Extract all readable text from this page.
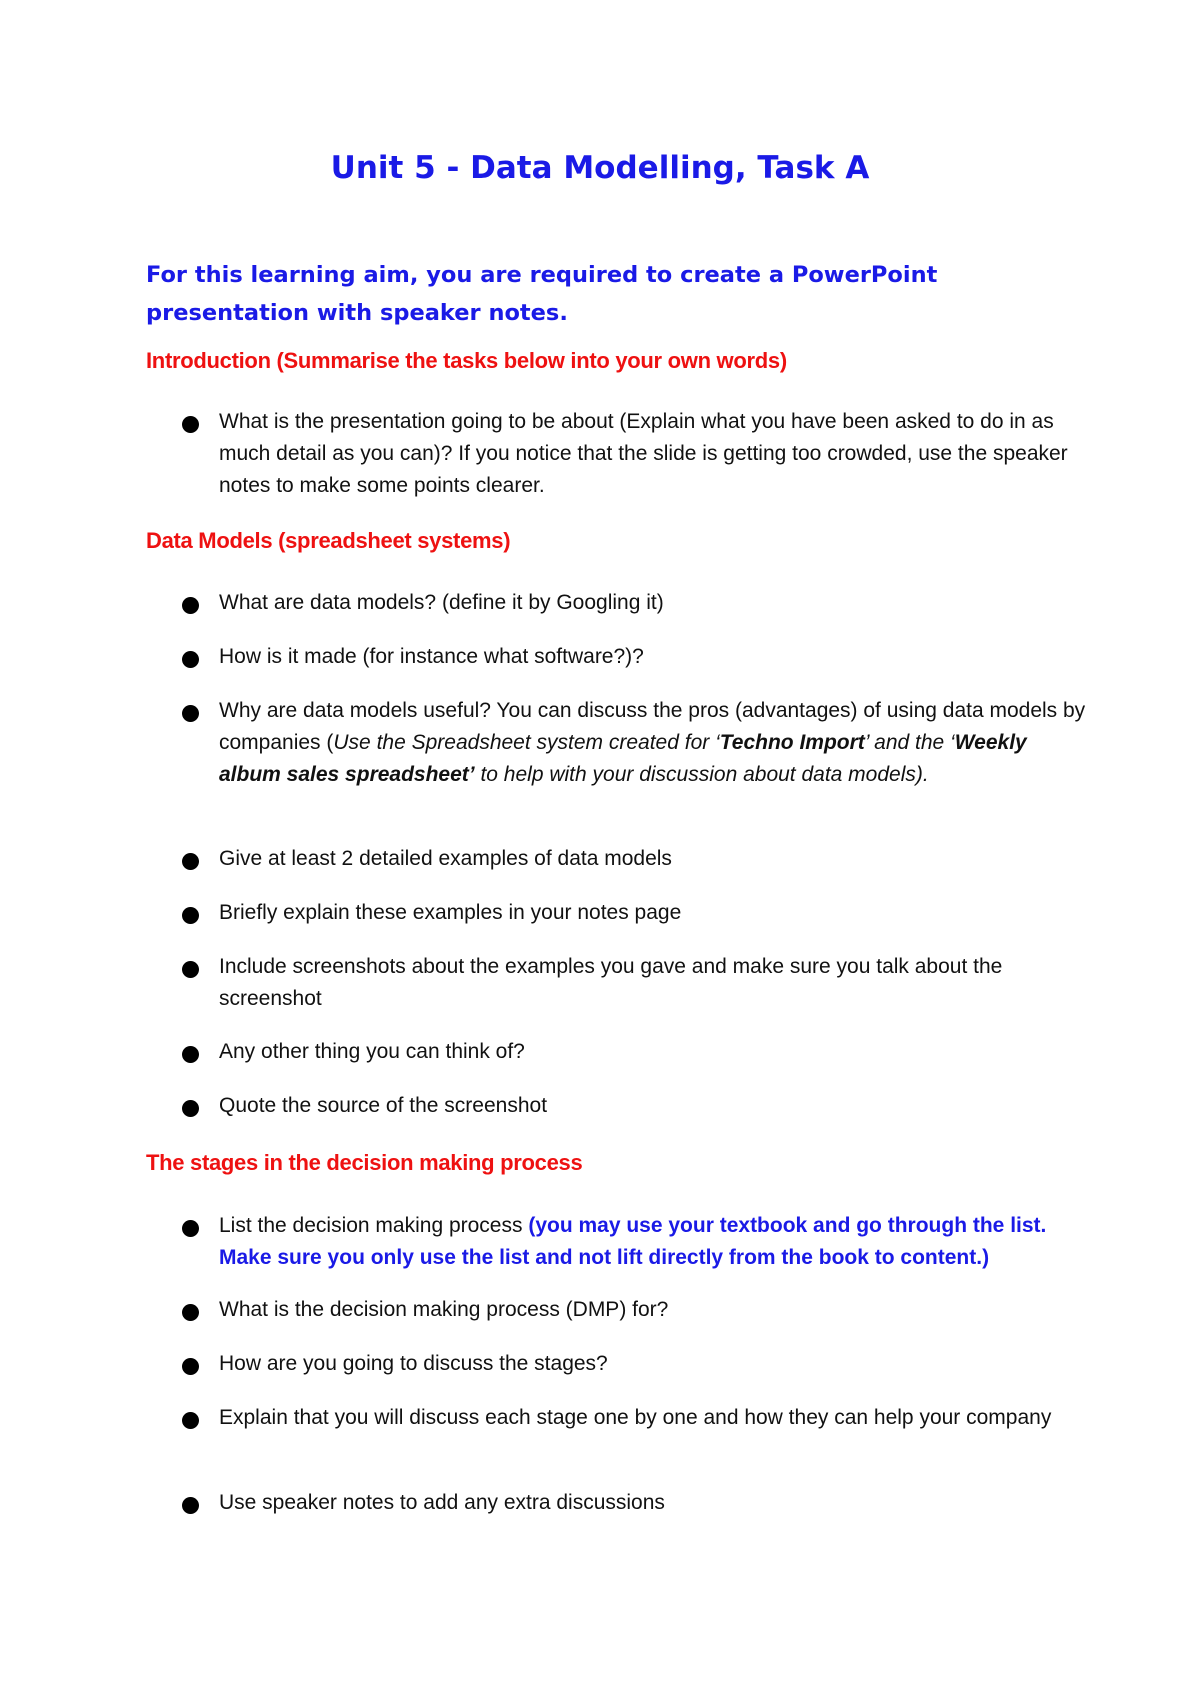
Unit 5 - Data Modelling, Task A
For this learning aim, you are required to create a PowerPoint presentation with speaker notes.
Introduction (Summarise the tasks below into your own words)
What is the presentation going to be about (Explain what you have been asked to do in as much detail as you can)? If you notice that the slide is getting too crowded, use the speaker notes to make some points clearer.
Data Models (spreadsheet systems)
What are data models? (define it by Googling it)
How is it made (for instance what software?)?
Why are data models useful? You can discuss the pros (advantages) of using data models by companies (Use the Spreadsheet system created for ‘Techno Import’ and the ‘Weekly album sales spreadsheet’ to help with your discussion about data models).
Give at least 2 detailed examples of data models
Briefly explain these examples in your notes page
Include screenshots about the examples you gave and make sure you talk about the screenshot
Any other thing you can think of?
Quote the source of the screenshot
The stages in the decision making process
List the decision making process (you may use your textbook and go through the list. Make sure you only use the list and not lift directly from the book to content.)
What is the decision making process (DMP) for?
How are you going to discuss the stages?
Explain that you will discuss each stage one by one and how they can help your company
Use speaker notes to add any extra discussions
